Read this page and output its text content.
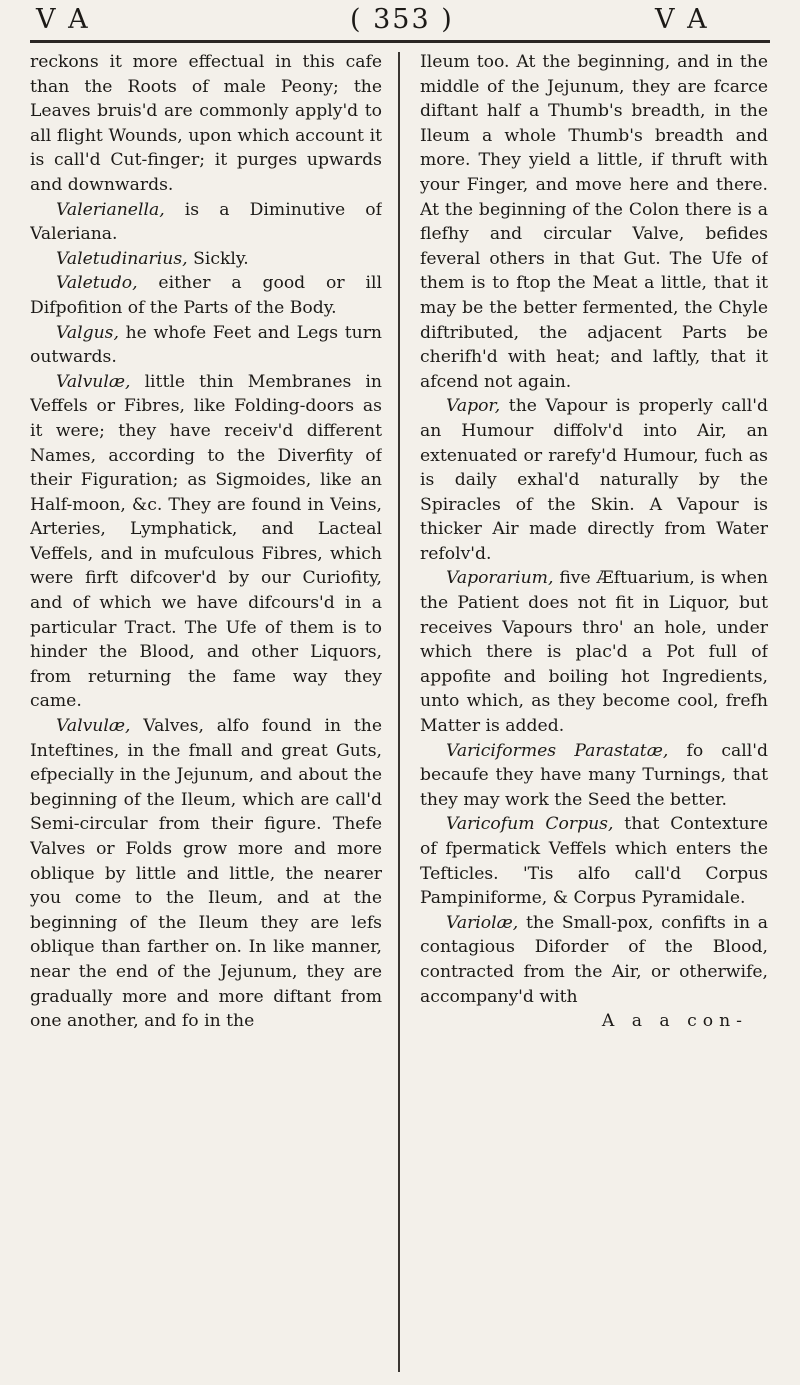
V A	( 353 )	V A

reckons it more effectual in this cafe than the Roots of male Peony; the Leaves bruis'd are commonly apply'd to all flight Wounds, upon which account it is call'd Cut-finger; it purges upwards and downwards.

Valerianella, is a Diminutive of Valeriana.

Valetudinarius, Sickly.

Valetudo, either a good or ill Difpofition of the Parts of the Body.

Valgus, he whofe Feet and Legs turn outwards.

Valvulæ, little thin Membranes in Veffels or Fibres, like Folding-doors as it were; they have receiv'd different Names, according to the Diverfity of their Figuration; as Sigmoides, like an Half-moon, &c. They are found in Veins, Arteries, Lymphatick, and Lacteal Veffels, and in mufculous Fibres, which were firft difcover'd by our Curiofity, and of which we have difcours'd in a particular Tract. The Ufe of them is to hinder the Blood, and other Liquors, from returning the fame way they came.

Valvulæ, Valves, alfo found in the Inteftines, in the fmall and great Guts, efpecially in the Jejunum, and about the beginning of the Ileum, which are call'd Semi-circular from their figure. Thefe Valves or Folds grow more and more oblique by little and little, the nearer you come to the Ileum, and at the beginning of the Ileum they are lefs oblique than farther on. In like manner, near the end of the Jejunum, they are gradually more and more diftant from one another, and fo in the

Ileum too. At the beginning, and in the middle of the Jejunum, they are fcarce diftant half a Thumb's breadth, in the Ileum a whole Thumb's breadth and more. They yield a little, if thruft with your Finger, and move here and there. At the beginning of the Colon there is a flefhy and circular Valve, befides feveral others in that Gut. The Ufe of them is to ftop the Meat a little, that it may be the better fermented, the Chyle diftributed, the adjacent Parts be cherifh'd with heat; and laftly, that it afcend not again.

Vapor, the Vapour is properly call'd an Humour diffolv'd into Air, an extenuated or rarefy'd Humour, fuch as is daily exhal'd naturally by the Spiracles of the Skin. A Vapour is thicker Air made directly from Water refolv'd.

Vaporarium, five Æftuarium, is when the Patient does not fit in Liquor, but receives Vapours thro' an hole, under which there is plac'd a Pot full of appofite and boiling hot Ingredients, unto which, as they become cool, frefh Matter is added.

Variciformes Parastatæ, fo call'd becaufe they have many Turnings, that they may work the Seed the better.

Varicofum Corpus, that Contexture of fpermatick Veffels which enters the Tefticles. 'Tis alfo call'd Corpus Pampiniforme, & Corpus Pyramidale.

Variolæ, the Small-pox, confifts in a contagious Diforder of the Blood, contracted from the Air, or otherwife, accompany'd with

A a a con-
